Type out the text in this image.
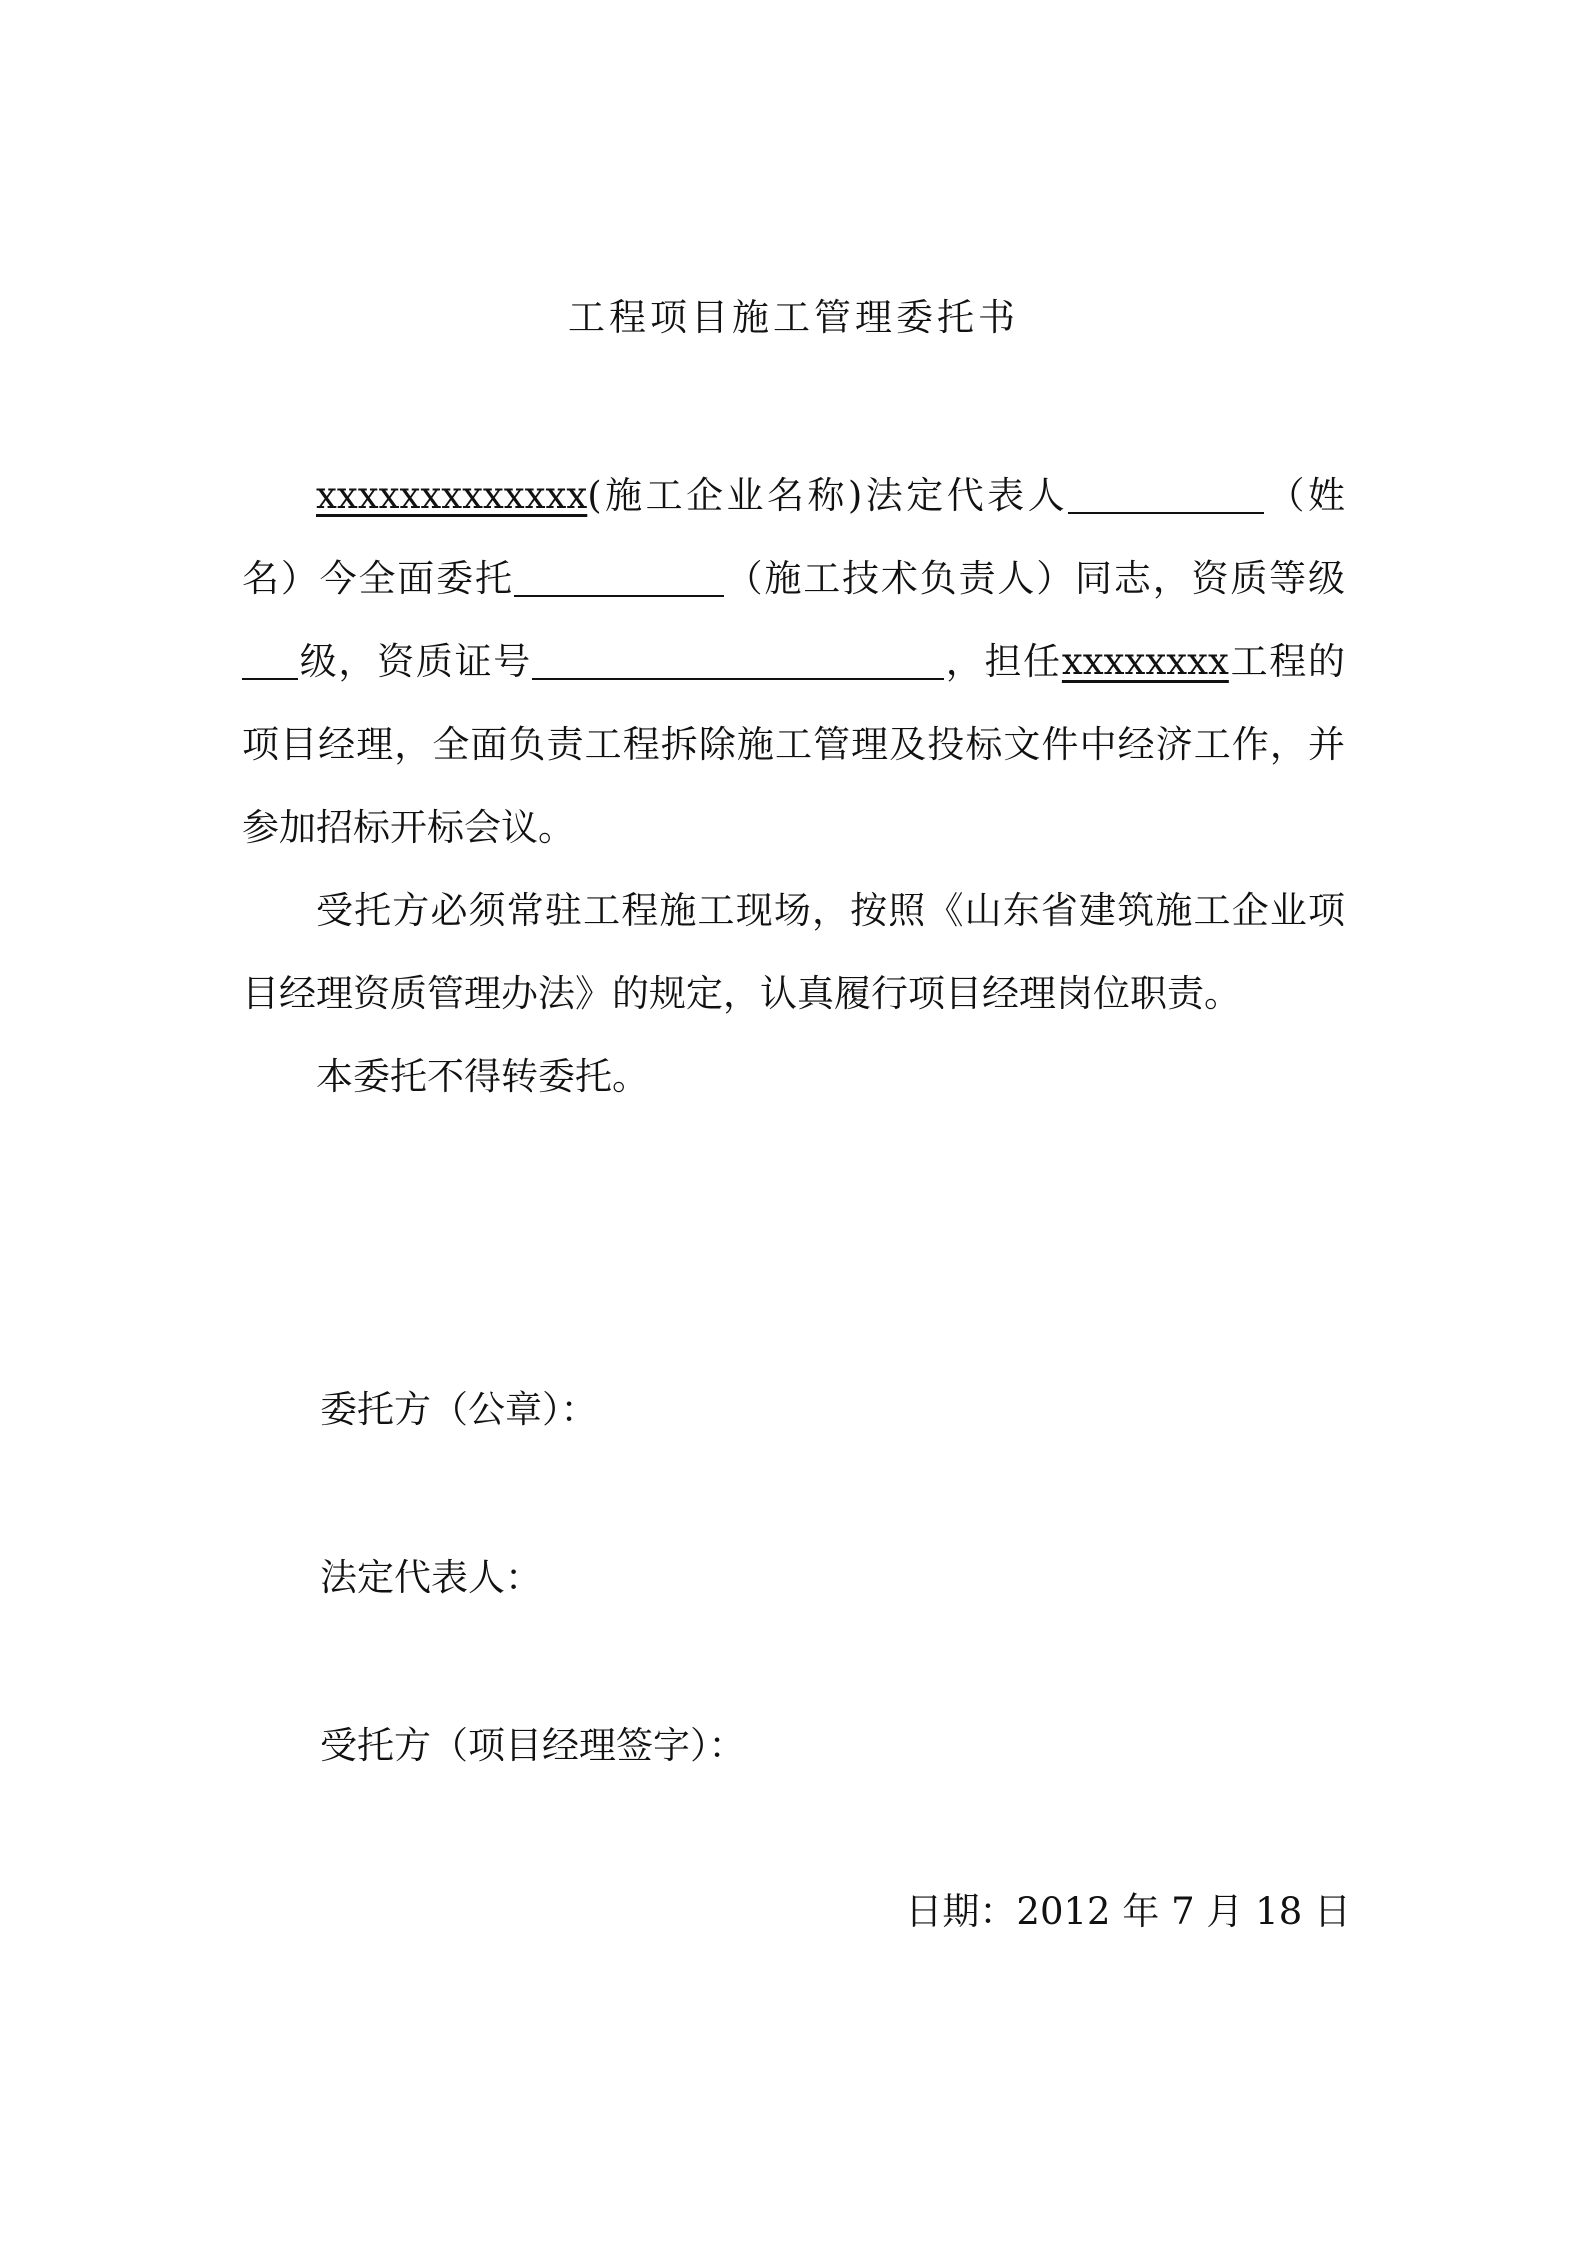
工程项目施工管理委托书

xxxxxxxxxxxxx(施工企业名称)法定代表人	（姓名）今全面委托	（施工技术负责人）同志，资质等级级，资质证号	，担任xxxxxxxx工程的项目经理，全面负责工程拆除施工管理及投标文件中经济工作，并参加招标开标会议。

受托方必须常驻工程施工现场，按照《山东省建筑施工企业项目经理资质管理办法》的规定，认真履行项目经理岗位职责。

本委托不得转委托。

委托方（公章）：
法定代表人：
受托方（项目经理签字）：
日期：2012 年 7 月 18 日
